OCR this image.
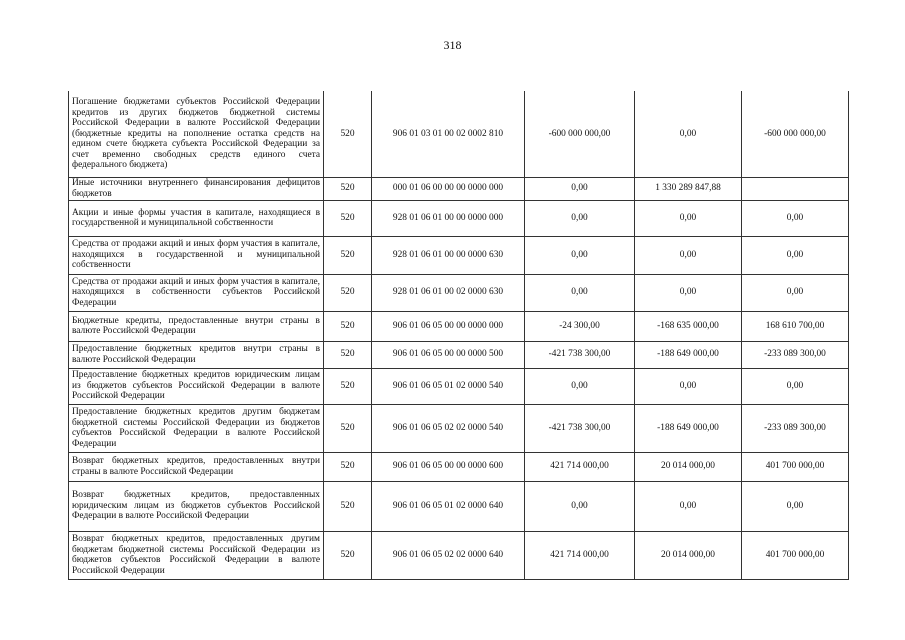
318
Погашение бюджетами субъектов Российской Федерации кредитов из других бюджетов бюджетной системы Российской Федерации в валюте Российской Федерации (бюджетные кредиты на пополнение остатка средств на едином счете бюджета субъекта Российской Федерации за счет временно свободных средств единого счета федерального бюджета)	520	906 01 03 01 00 02 0002 810	-600 000 000,00	0,00	-600 000 000,00
Иные источники внутреннего финансирования дефицитов бюджетов	520	000 01 06 00 00 00 0000 000	0,00	1 330 289 847,88	
Акции и иные формы участия в капитале, находящиеся в государственной и муниципальной собственности	520	928 01 06 01 00 00 0000 000	0,00	0,00	0,00
Средства от продажи акций и иных форм участия в капитале, находящихся в государственной и муниципальной собственности	520	928 01 06 01 00 00 0000 630	0,00	0,00	0,00
Средства от продажи акций и иных форм участия в капитале, находящихся в собственности субъектов Российской Федерации	520	928 01 06 01 00 02 0000 630	0,00	0,00	0,00
Бюджетные кредиты, предоставленные внутри страны в валюте Российской Федерации	520	906 01 06 05 00 00 0000 000	-24 300,00	-168 635 000,00	168 610 700,00
Предоставление бюджетных кредитов внутри страны в валюте Российской Федерации	520	906 01 06 05 00 00 0000 500	-421 738 300,00	-188 649 000,00	-233 089 300,00
Предоставление бюджетных кредитов юридическим лицам из бюджетов субъектов Российской Федерации в валюте Российской Федерации	520	906 01 06 05 01 02 0000 540	0,00	0,00	0,00
Предоставление бюджетных кредитов другим бюджетам бюджетной системы Российской Федерации из бюджетов субъектов Российской Федерации в валюте Российской Федерации	520	906 01 06 05 02 02 0000 540	-421 738 300,00	-188 649 000,00	-233 089 300,00
Возврат бюджетных кредитов, предоставленных внутри страны в валюте Российской Федерации	520	906 01 06 05 00 00 0000 600	421 714 000,00	20 014 000,00	401 700 000,00
Возврат бюджетных кредитов, предоставленных юридическим лицам из бюджетов субъектов Российской Федерации в валюте Российской Федерации	520	906 01 06 05 01 02 0000 640	0,00	0,00	0,00
Возврат бюджетных кредитов, предоставленных другим бюджетам бюджетной системы Российской Федерации из бюджетов субъектов Российской Федерации в валюте Российской Федерации	520	906 01 06 05 02 02 0000 640	421 714 000,00	20 014 000,00	401 700 000,00
